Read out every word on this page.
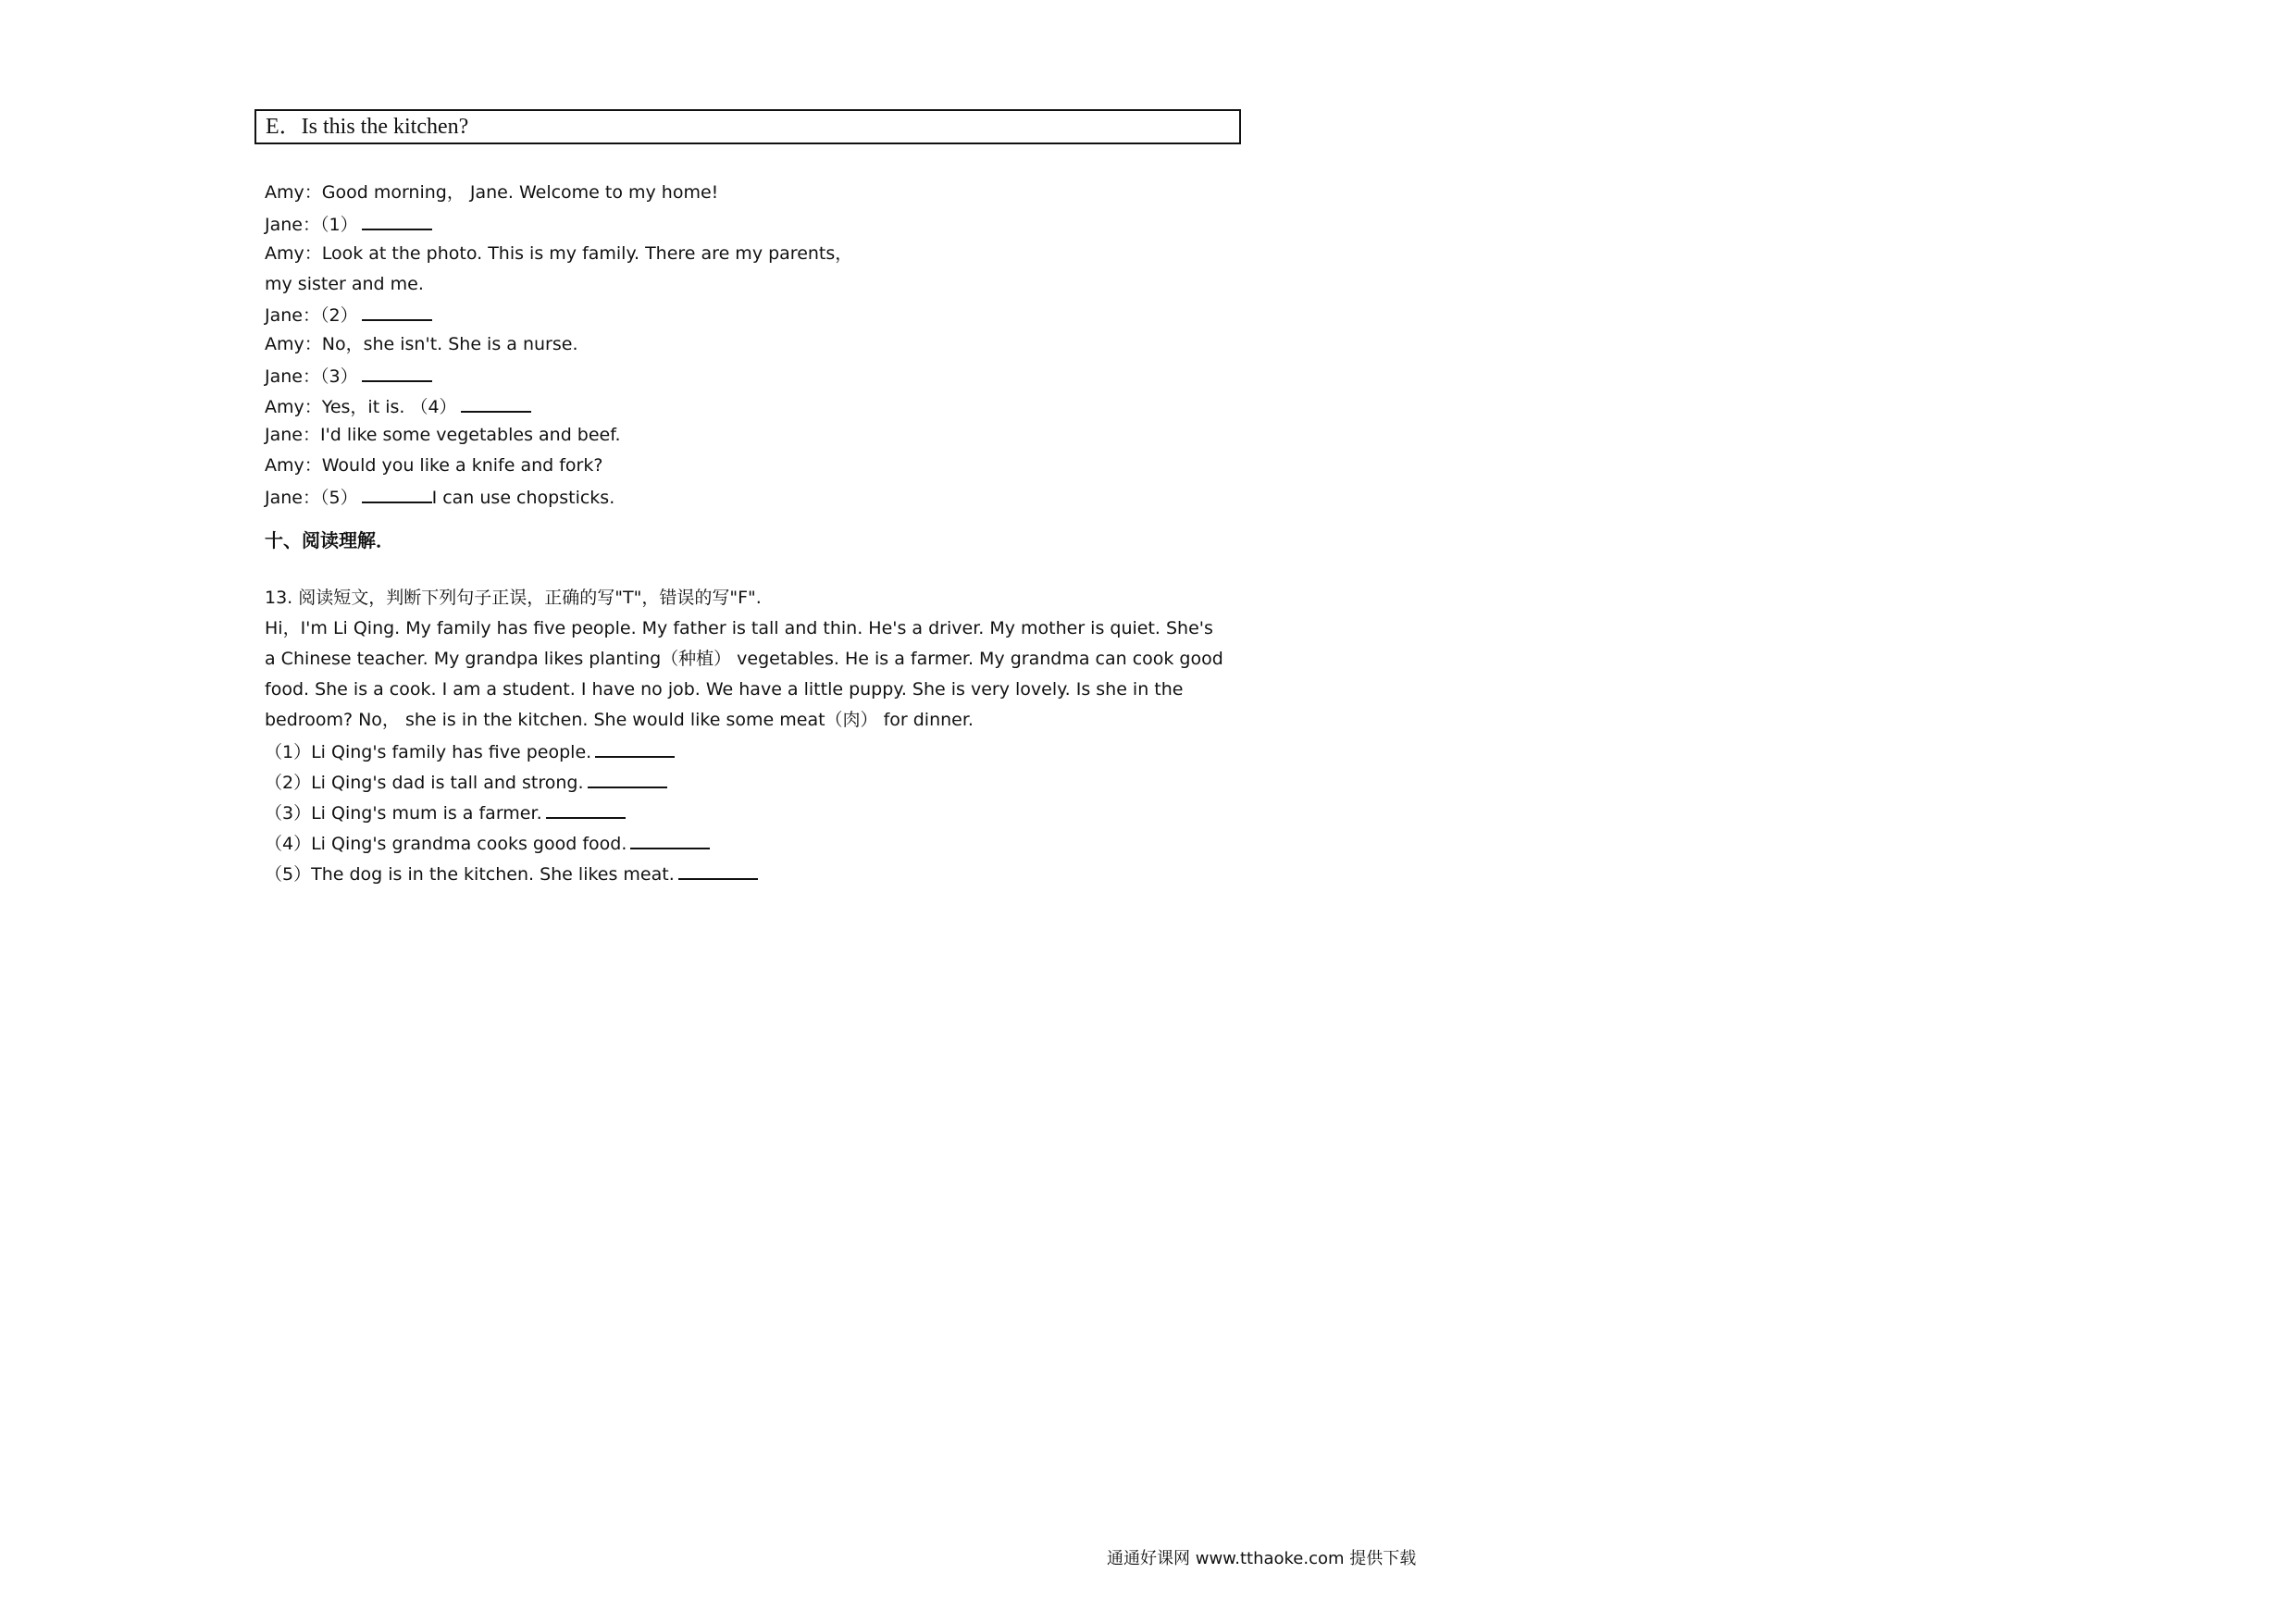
E．Is this the kitchen?
Amy：Good morning， Jane. Welcome to my home!
Jane：（1）
Amy：Look at the photo. This is my family. There are my parents，
my sister and me.
Jane：（2）
Amy：No，she isn't. She is a nurse.
Jane：（3）
Amy：Yes，it is. （4）
Jane：I'd like some vegetables and beef.
Amy：Would you like a knife and fork?
Jane：（5）	I can use chopsticks.
十、阅读理解．
13. 阅读短文，判断下列句子正误，正确的写"T"，错误的写"F".
Hi，I'm Li Qing. My family has five people. My father is tall and thin. He's a driver. My mother is quiet. She's
a Chinese teacher. My grandpa likes planting（种植） vegetables. He is a farmer. My grandma can cook good
food. She is a cook. I am a student. I have no job. We have a little puppy. She is very lovely. Is she in the
bedroom? No， she is in the kitchen. She would like some meat（肉） for dinner.
（1）Li Qing's family has five people.
（2）Li Qing's dad is tall and strong.
（3）Li Qing's mum is a farmer.
（4）Li Qing's grandma cooks good food.
（5）The dog is in the kitchen. She likes meat.
通通好课网 www.tthaoke.com 提供下载
